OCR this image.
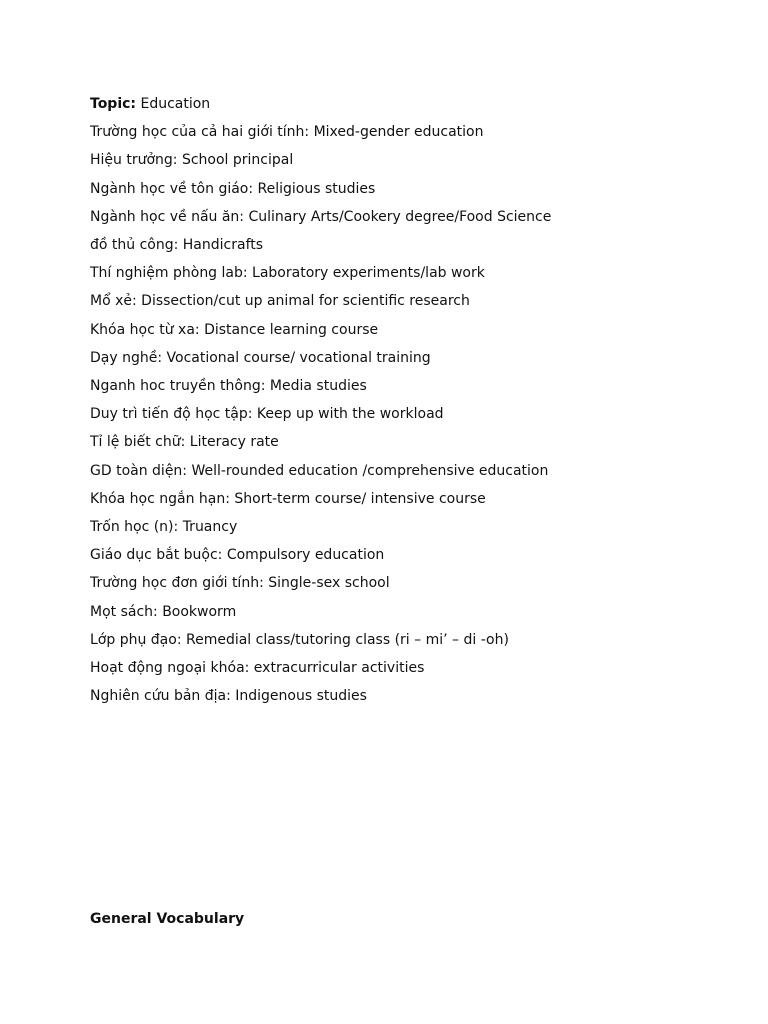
Topic: Education
Trường học của cả hai giới tính: Mixed-gender education
Hiệu trưởng: School principal
Ngành học về tôn giáo: Religious studies
Ngành học về nấu ăn: Culinary Arts/Cookery degree/Food Science
đồ thủ công: Handicrafts
Thí nghiệm phòng lab: Laboratory experiments/lab work
Mổ xẻ: Dissection/cut up animal for scientific research
Khóa học từ xa: Distance learning course
Dạy nghề: Vocational course/ vocational training
Nganh hoc truyền thông: Media studies
Duy trì tiến độ học tập: Keep up with the workload
Tỉ lệ biết chữ: Literacy rate
GD toàn diện: Well-rounded education /comprehensive education
Khóa học ngắn hạn: Short-term course/ intensive course
Trốn học (n): Truancy
Giáo dục bắt buộc: Compulsory education
Trường học đơn giới tính: Single-sex school
Mọt sách: Bookworm
Lớp phụ đạo: Remedial class/tutoring class (ri – mi’ – di -oh)
Hoạt động ngoại khóa: extracurricular activities
Nghiên cứu bản địa: Indigenous studies
General Vocabulary
